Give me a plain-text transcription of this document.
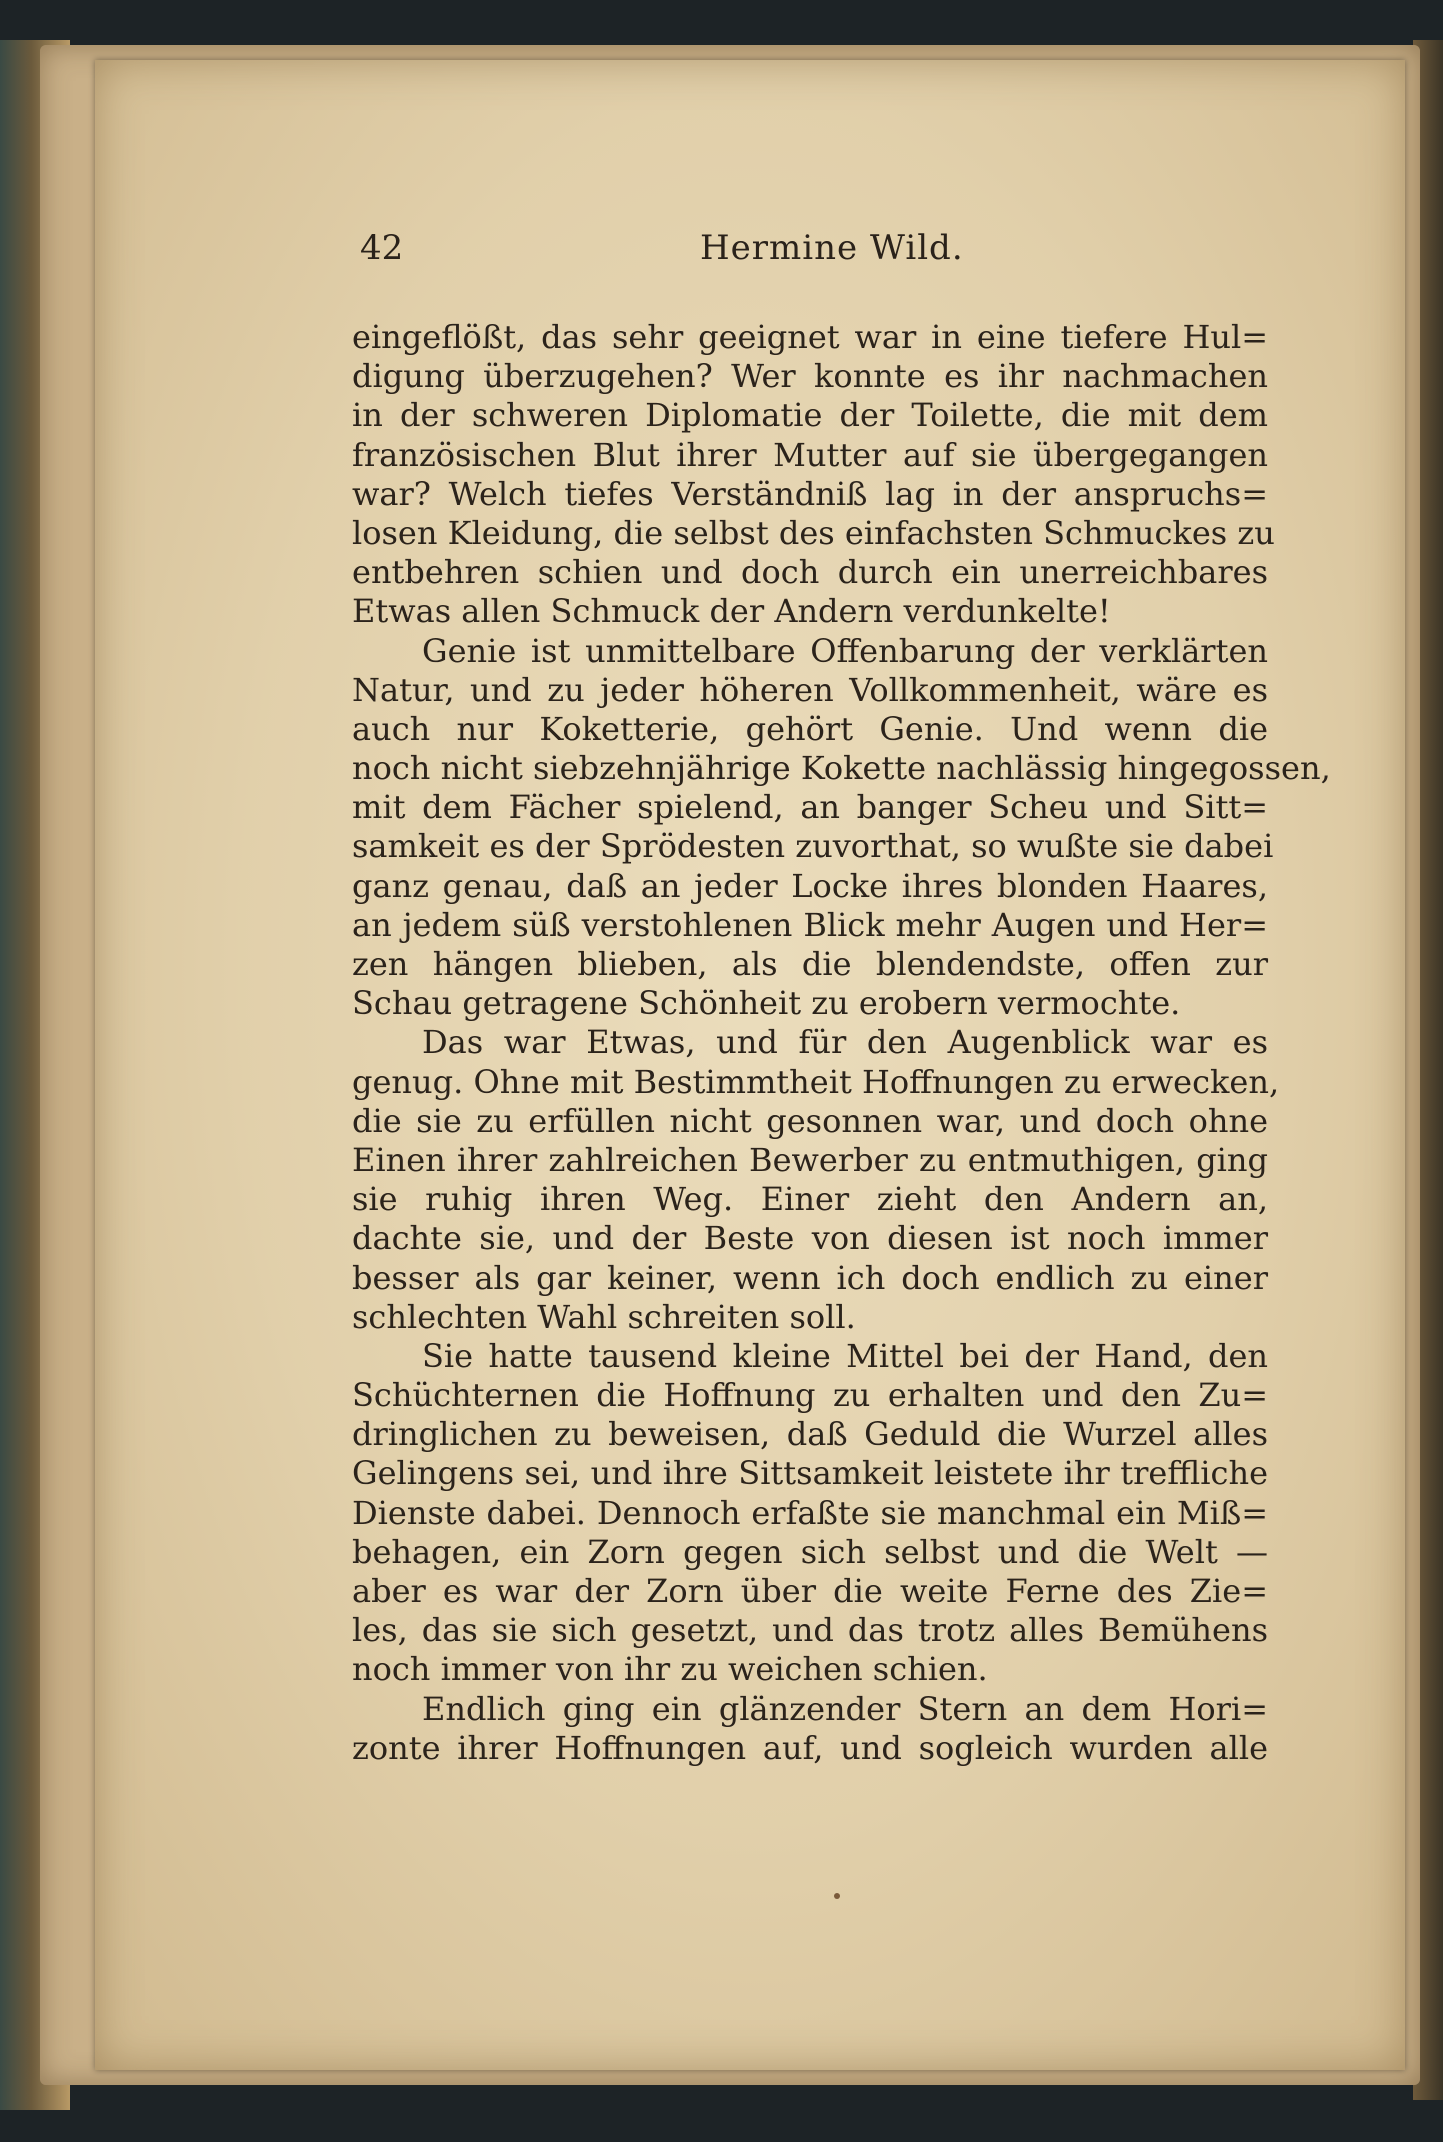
42	Hermine Wild.
eingeflößt, das sehr geeignet war in eine tiefere Hul=
digung überzugehen? Wer konnte es ihr nachmachen
in der schweren Diplomatie der Toilette, die mit dem
französischen Blut ihrer Mutter auf sie übergegangen
war? Welch tiefes Verständniß lag in der anspruchs=
losen Kleidung, die selbst des einfachsten Schmuckes zu
entbehren schien und doch durch ein unerreichbares
Etwas allen Schmuck der Andern verdunkelte!
Genie ist unmittelbare Offenbarung der verklärten
Natur, und zu jeder höheren Vollkommenheit, wäre es
auch nur Koketterie, gehört Genie. Und wenn die
noch nicht siebzehnjährige Kokette nachlässig hingegossen,
mit dem Fächer spielend, an banger Scheu und Sitt=
samkeit es der Sprödesten zuvorthat, so wußte sie dabei
ganz genau, daß an jeder Locke ihres blonden Haares,
an jedem süß verstohlenen Blick mehr Augen und Her=
zen hängen blieben, als die blendendste, offen zur
Schau getragene Schönheit zu erobern vermochte.
Das war Etwas, und für den Augenblick war es
genug. Ohne mit Bestimmtheit Hoffnungen zu erwecken,
die sie zu erfüllen nicht gesonnen war, und doch ohne
Einen ihrer zahlreichen Bewerber zu entmuthigen, ging
sie ruhig ihren Weg. Einer zieht den Andern an,
dachte sie, und der Beste von diesen ist noch immer
besser als gar keiner, wenn ich doch endlich zu einer
schlechten Wahl schreiten soll.
Sie hatte tausend kleine Mittel bei der Hand, den
Schüchternen die Hoffnung zu erhalten und den Zu=
dringlichen zu beweisen, daß Geduld die Wurzel alles
Gelingens sei, und ihre Sittsamkeit leistete ihr treffliche
Dienste dabei. Dennoch erfaßte sie manchmal ein Miß=
behagen, ein Zorn gegen sich selbst und die Welt —
aber es war der Zorn über die weite Ferne des Zie=
les, das sie sich gesetzt, und das trotz alles Bemühens
noch immer von ihr zu weichen schien.
Endlich ging ein glänzender Stern an dem Hori=
zonte ihrer Hoffnungen auf, und sogleich wurden alle
